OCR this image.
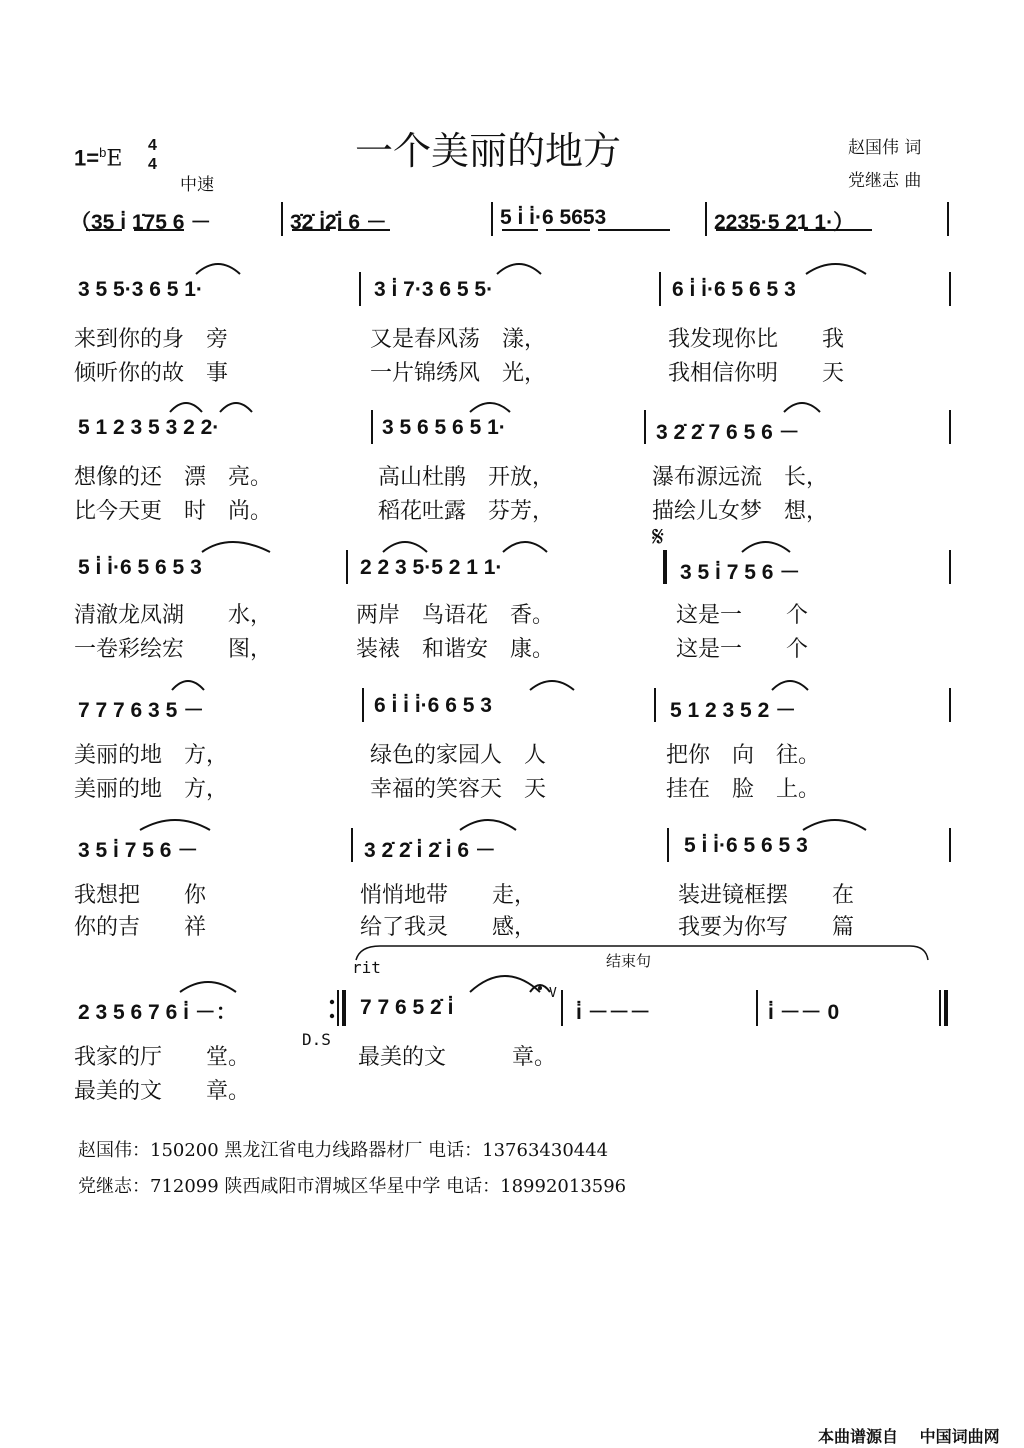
一个美丽的地方
1=$^b$E
4
4
中速
赵国伟 词
党继志 曲
（35 i̇ 1̇75 6 －	3̇2̇ i̇2̇i̇ 6 －	5 i̇ i̇·6 5653	2235·5 21 1·）
3 5 5·3 6 5 1·	3 i̇ 7·3 6 5 5·	6 i̇ i̇·6 5 6 5 3
来到你的身　旁	又是春风荡　漾，	我发现你比　　我
倾听你的故　事	一片锦绣风　光，	我相信你明　　天
5 1 2 3 5 3 2 2·	3 5 6 5 6 5 1·	3 2̇ 2̇ 7 6 5 6 －
想像的还　漂　亮。	高山杜鹃　开放，	瀑布源远流　长，
比今天更　时　尚。	稻花吐露　芬芳，	描绘儿女梦　想，
𝄋
5 i̇ i̇·6 5 6 5 3	2 2 3 5·5 2 1 1·	3 5 i̇ 7 5 6 －
清澈龙凤湖　　水，	两岸　鸟语花　香。	这是一　　个
一卷彩绘宏　　图，	装裱　和谐安　康。	这是一　　个
7 7 7 6 3 5 －	6 i̇ i̇ i̇·6 6 5 3	5 1 2 3 5 2 －
美丽的地　方，	绿色的家园人　人	把你　向　往。
美丽的地　方，	幸福的笑容天　天	挂在　脸　上。
3 5 i̇ 7 5 6 －	3 2̇ 2̇ i̇ 2̇ i̇ 6 －	5 i̇ i̇·6 5 6 5 3
我想把　　你	悄悄地带　　走，	装进镜框摆　　在
你的吉　　祥	给了我灵　　感，	我要为你写　　篇
rit	结束句
V
2 3 5 6 7 6 i̇ －：	7 7 6 5 2̇ i̇	i̇ －－－	i̇ －－ 0
D.S
我家的厅　　堂。	最美的文　　　章。
最美的文　　章。
赵国伟：150200 黑龙江省电力线路器材厂 电话：13763430444
党继志：712099 陕西咸阳市渭城区华星中学 电话：18992013596
本曲谱源自　 中国词曲网
